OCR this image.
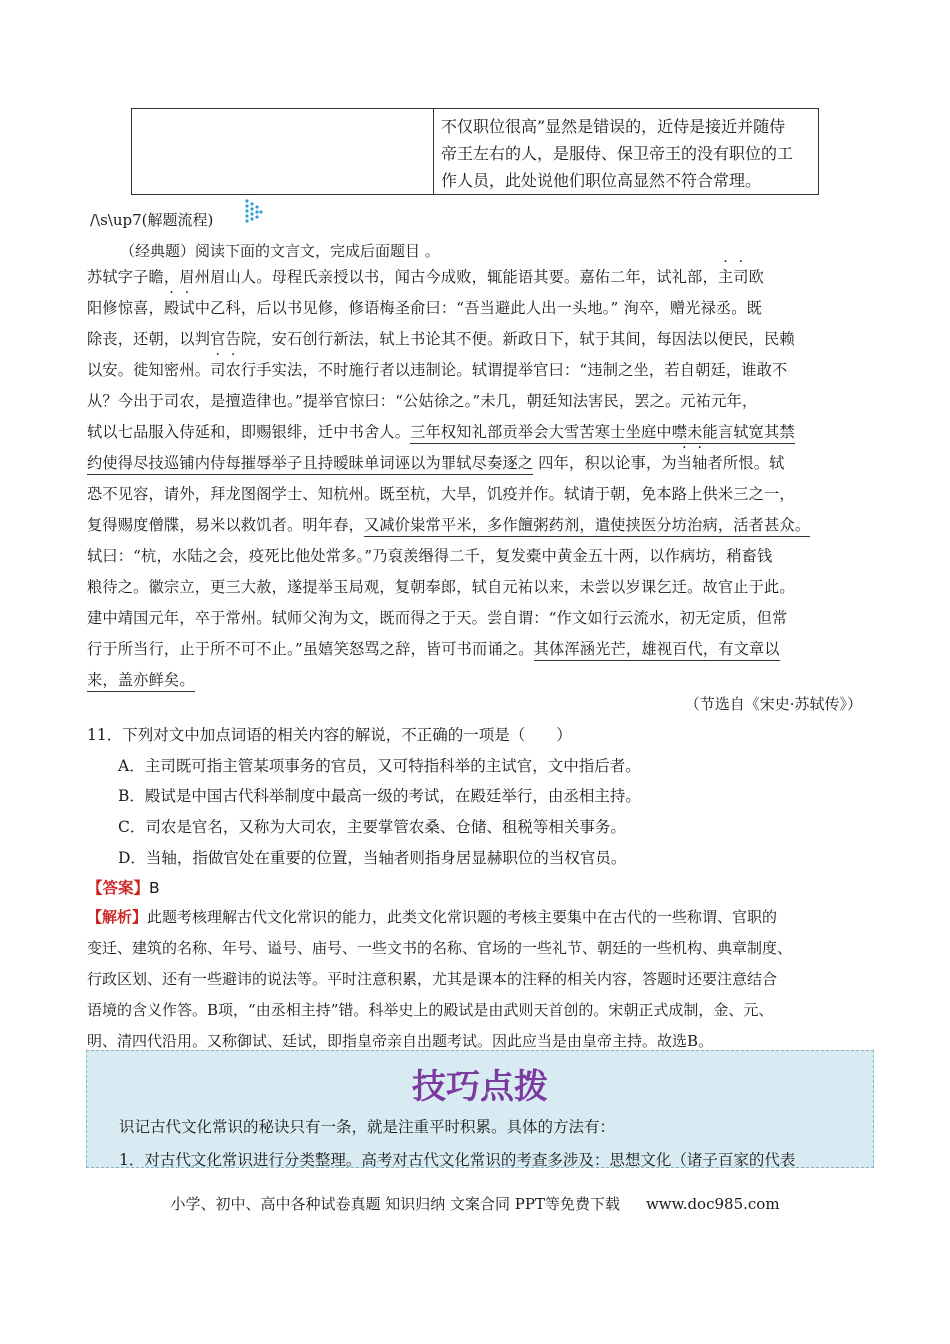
不仅职位很高”显然是错误的，近侍是接近并随侍
帝王左右的人，是服侍、保卫帝王的没有职位的工
作人员，此处说他们职位高显然不符合常理。
∕\s\up7(解题流程)
（经典题）阅读下面的文言文，完成后面题目 。
苏轼字子瞻，眉州眉山人。母程氏亲授以书，闻古今成败，辄能语其要。嘉佑二年，试礼部，主司欧
阳修惊喜，殿试中乙科，后以书见修，修语梅圣俞曰：“吾当避此人出一头地。” 洵卒，赠光禄丞。既
除丧，还朝，以判官告院，安石创行新法，轼上书论其不便。新政日下，轼于其间，每因法以便民，民赖
以安。徙知密州。司农行手实法，不时施行者以违制论。轼谓提举官曰：“违制之坐，若自朝廷，谁敢不
从？今出于司农，是擅造律也。”提举官惊曰：“公姑徐之。”未几，朝廷知法害民，罢之。元祐元年，
轼以七品服入侍延和，即赐银绯，迁中书舍人。三年权知礼部贡举会大雪苦寒士坐庭中噤未能言轼宽其禁
约使得尽技巡铺内侍每摧辱举子且持暧昧单词诬以为罪轼尽奏逐之 四年，积以论事，为当轴者所恨。轼
恐不见容，请外，拜龙图阁学士、知杭州。既至杭，大旱，饥疫并作。轼请于朝，免本路上供米三之一，
复得赐度僧牒，易米以救饥者。明年春，又减价粜常平米，多作饘粥药剂，遣使挟医分坊治病，活者甚众。
轼曰：“杭，水陆之会，疫死比他处常多。”乃裒羡缗得二千，复发橐中黄金五十两，以作病坊，稍畜钱
粮待之。徽宗立，更三大赦，遂提举玉局观，复朝奉郎，轼自元祐以来，未尝以岁课乞迁。故官止于此。
建中靖国元年，卒于常州。轼师父洵为文，既而得之于天。尝自谓：“作文如行云流水，初无定质，但常
行于所当行，止于所不可不止。”虽嬉笑怒骂之辞，皆可书而诵之。其体浑涵光芒，雄视百代，有文章以
来，盖亦鲜矣。
（节选自《宋史·苏轼传》）
11．下列对文中加点词语的相关内容的解说，不正确的一项是（　　）
A．主司既可指主管某项事务的官员，又可特指科举的主试官，文中指后者。
B．殿试是中国古代科举制度中最高一级的考试，在殿廷举行，由丞相主持。
C．司农是官名，又称为大司农，主要掌管农桑、仓储、租税等相关事务。
D．当轴，指做官处在重要的位置，当轴者则指身居显赫职位的当权官员。
【答案】B
【解析】此题考核理解古代文化常识的能力，此类文化常识题的考核主要集中在古代的一些称谓、官职的
变迁、建筑的名称、年号、谥号、庙号、一些文书的名称、官场的一些礼节、朝廷的一些机构、典章制度、
行政区划、还有一些避讳的说法等。平时注意积累，尤其是课本的注释的相关内容，答题时还要注意结合
语境的含义作答。B项，“由丞相主持”错。科举史上的殿试是由武则天首创的。宋朝正式成制，金、元、
明、清四代沿用。又称御试、廷试，即指皇帝亲自出题考试。因此应当是由皇帝主持。故选B。
技巧点拨
识记古代文化常识的秘诀只有一条，就是注重平时积累。具体的方法有：
1．对古代文化常识进行分类整理。高考对古代文化常识的考查多涉及：思想文化（诸子百家的代表
小学、初中、高中各种试卷真题 知识归纳 文案合同 PPT等免费下载 www.doc985.com
